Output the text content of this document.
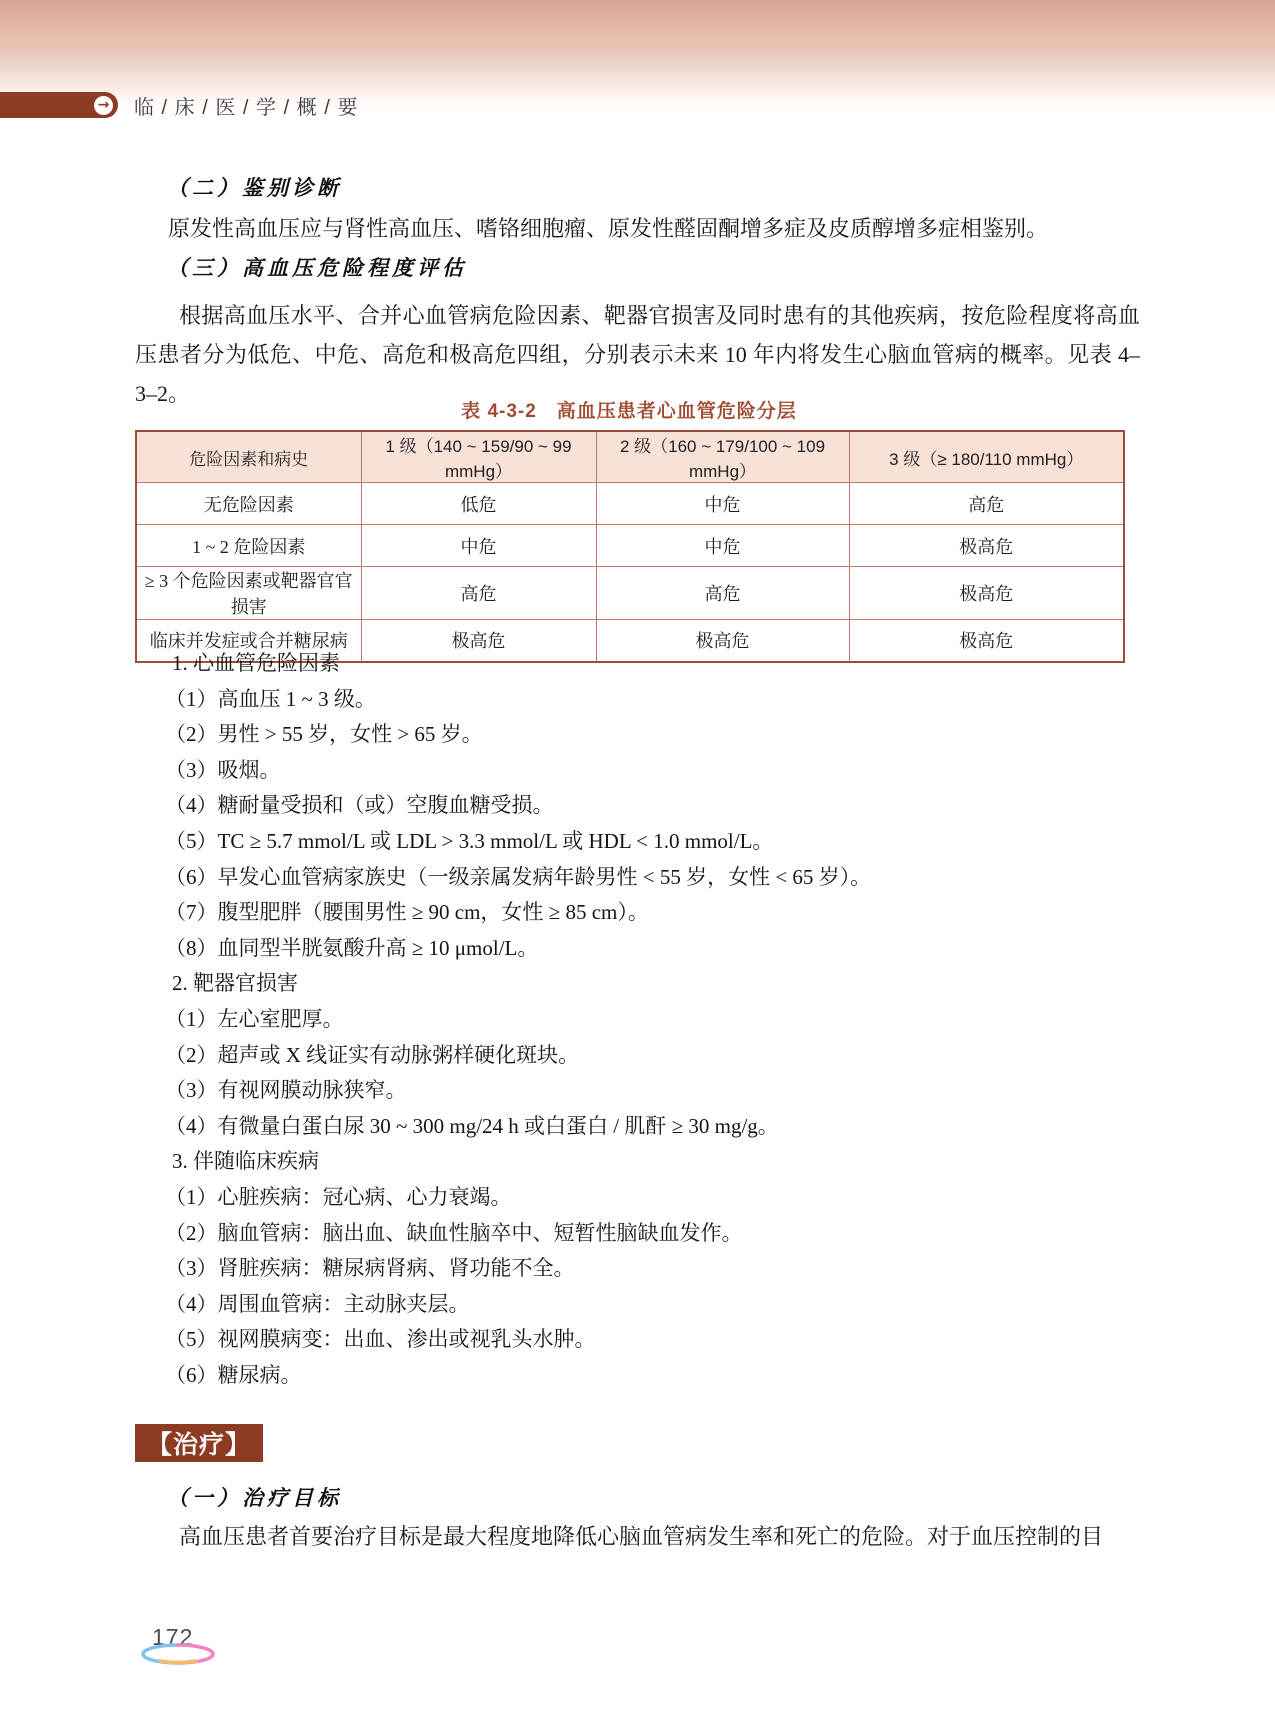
→ 临 / 床 / 医 / 学 / 概 / 要
（二）鉴别诊断
原发性高血压应与肾性高血压、嗜铬细胞瘤、原发性醛固酮增多症及皮质醇增多症相鉴别。
（三）高血压危险程度评估
根据高血压水平、合并心血管病危险因素、靶器官损害及同时患有的其他疾病，按危险程度将高血压患者分为低危、中危、高危和极高危四组，分别表示未来 10 年内将发生心脑血管病的概率。见表 4–3–2。
表 4-3-2　高血压患者心血管危险分层
危险因素和病史	1 级（140 ~ 159/90 ~ 99 mmHg）	2 级（160 ~ 179/100 ~ 109 mmHg）	3 级（≥ 180/110 mmHg）
无危险因素	低危	中危	高危
1 ~ 2 危险因素	中危	中危	极高危
≥ 3 个危险因素或靶器官官损害	高危	高危	极高危
临床并发症或合并糖尿病	极高危	极高危	极高危
1. 心血管危险因素
（1）高血压 1 ~ 3 级。
（2）男性 > 55 岁，女性 > 65 岁。
（3）吸烟。
（4）糖耐量受损和（或）空腹血糖受损。
（5）TC ≥ 5.7 mmol/L 或 LDL > 3.3 mmol/L 或 HDL < 1.0 mmol/L。
（6）早发心血管病家族史（一级亲属发病年龄男性 < 55 岁，女性 < 65 岁）。
（7）腹型肥胖（腰围男性 ≥ 90 cm，女性 ≥ 85 cm）。
（8）血同型半胱氨酸升高 ≥ 10 μmol/L。
2. 靶器官损害
（1）左心室肥厚。
（2）超声或 X 线证实有动脉粥样硬化斑块。
（3）有视网膜动脉狭窄。
（4）有微量白蛋白尿 30 ~ 300 mg/24 h 或白蛋白 / 肌酐 ≥ 30 mg/g。
3. 伴随临床疾病
（1）心脏疾病：冠心病、心力衰竭。
（2）脑血管病：脑出血、缺血性脑卒中、短暂性脑缺血发作。
（3）肾脏疾病：糖尿病肾病、肾功能不全。
（4）周围血管病：主动脉夹层。
（5）视网膜病变：出血、渗出或视乳头水肿。
（6）糖尿病。
【治疗】
（一）治疗目标
高血压患者首要治疗目标是最大程度地降低心脑血管病发生率和死亡的危险。对于血压控制的目
172
